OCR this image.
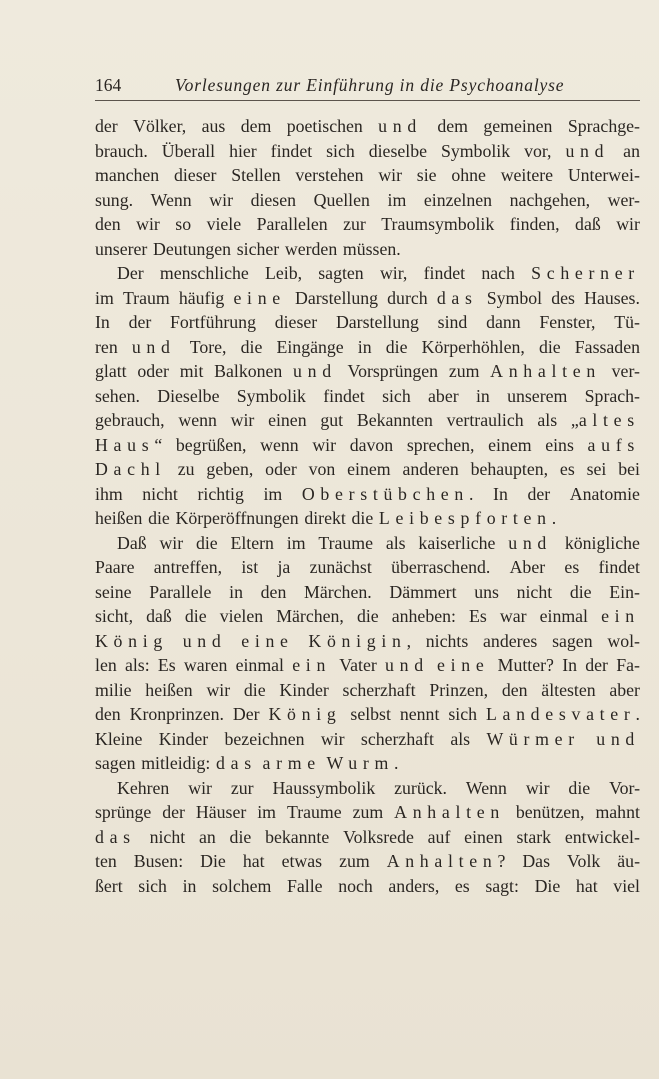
164	Vorlesungen zur Einführung in die Psychoanalyse
der Völker, aus dem poetischen und dem gemeinen Sprachge-
brauch. Überall hier findet sich dieselbe Symbolik vor, und an
manchen dieser Stellen verstehen wir sie ohne weitere Unterwei-
sung. Wenn wir diesen Quellen im einzelnen nachgehen, wer-
den wir so viele Parallelen zur Traumsymbolik finden, daß wir
unserer Deutungen sicher werden müssen.
Der menschliche Leib, sagten wir, findet nach Scherner
im Traum häufig eine Darstellung durch das Symbol des Hauses.
In der Fortführung dieser Darstellung sind dann Fenster, Tü-
ren und Tore, die Eingänge in die Körperhöhlen, die Fassaden
glatt oder mit Balkonen und Vorsprüngen zum Anhalten ver-
sehen. Dieselbe Symbolik findet sich aber in unserem Sprach-
gebrauch, wenn wir einen gut Bekannten vertraulich als „altes
Haus“ begrüßen, wenn wir davon sprechen, einem eins aufs
Dachl zu geben, oder von einem anderen behaupten, es sei bei
ihm nicht richtig im Oberstübchen. In der Anatomie
heißen die Körperöffnungen direkt die Leibespforten.
Daß wir die Eltern im Traume als kaiserliche und königliche
Paare antreffen, ist ja zunächst überraschend. Aber es findet
seine Parallele in den Märchen. Dämmert uns nicht die Ein-
sicht, daß die vielen Märchen, die anheben: Es war einmal ein
König und eine Königin, nichts anderes sagen wol-
len als: Es waren einmal ein Vater und eine Mutter? In der Fa-
milie heißen wir die Kinder scherzhaft Prinzen, den ältesten aber
den Kronprinzen. Der König selbst nennt sich Landesvater.
Kleine Kinder bezeichnen wir scherzhaft als Würmer und
sagen mitleidig: das arme Wurm.
Kehren wir zur Haussymbolik zurück. Wenn wir die Vor-
sprünge der Häuser im Traume zum Anhalten benützen, mahnt
das nicht an die bekannte Volksrede auf einen stark entwickel-
ten Busen: Die hat etwas zum Anhalten? Das Volk äu-
ßert sich in solchem Falle noch anders, es sagt: Die hat viel
